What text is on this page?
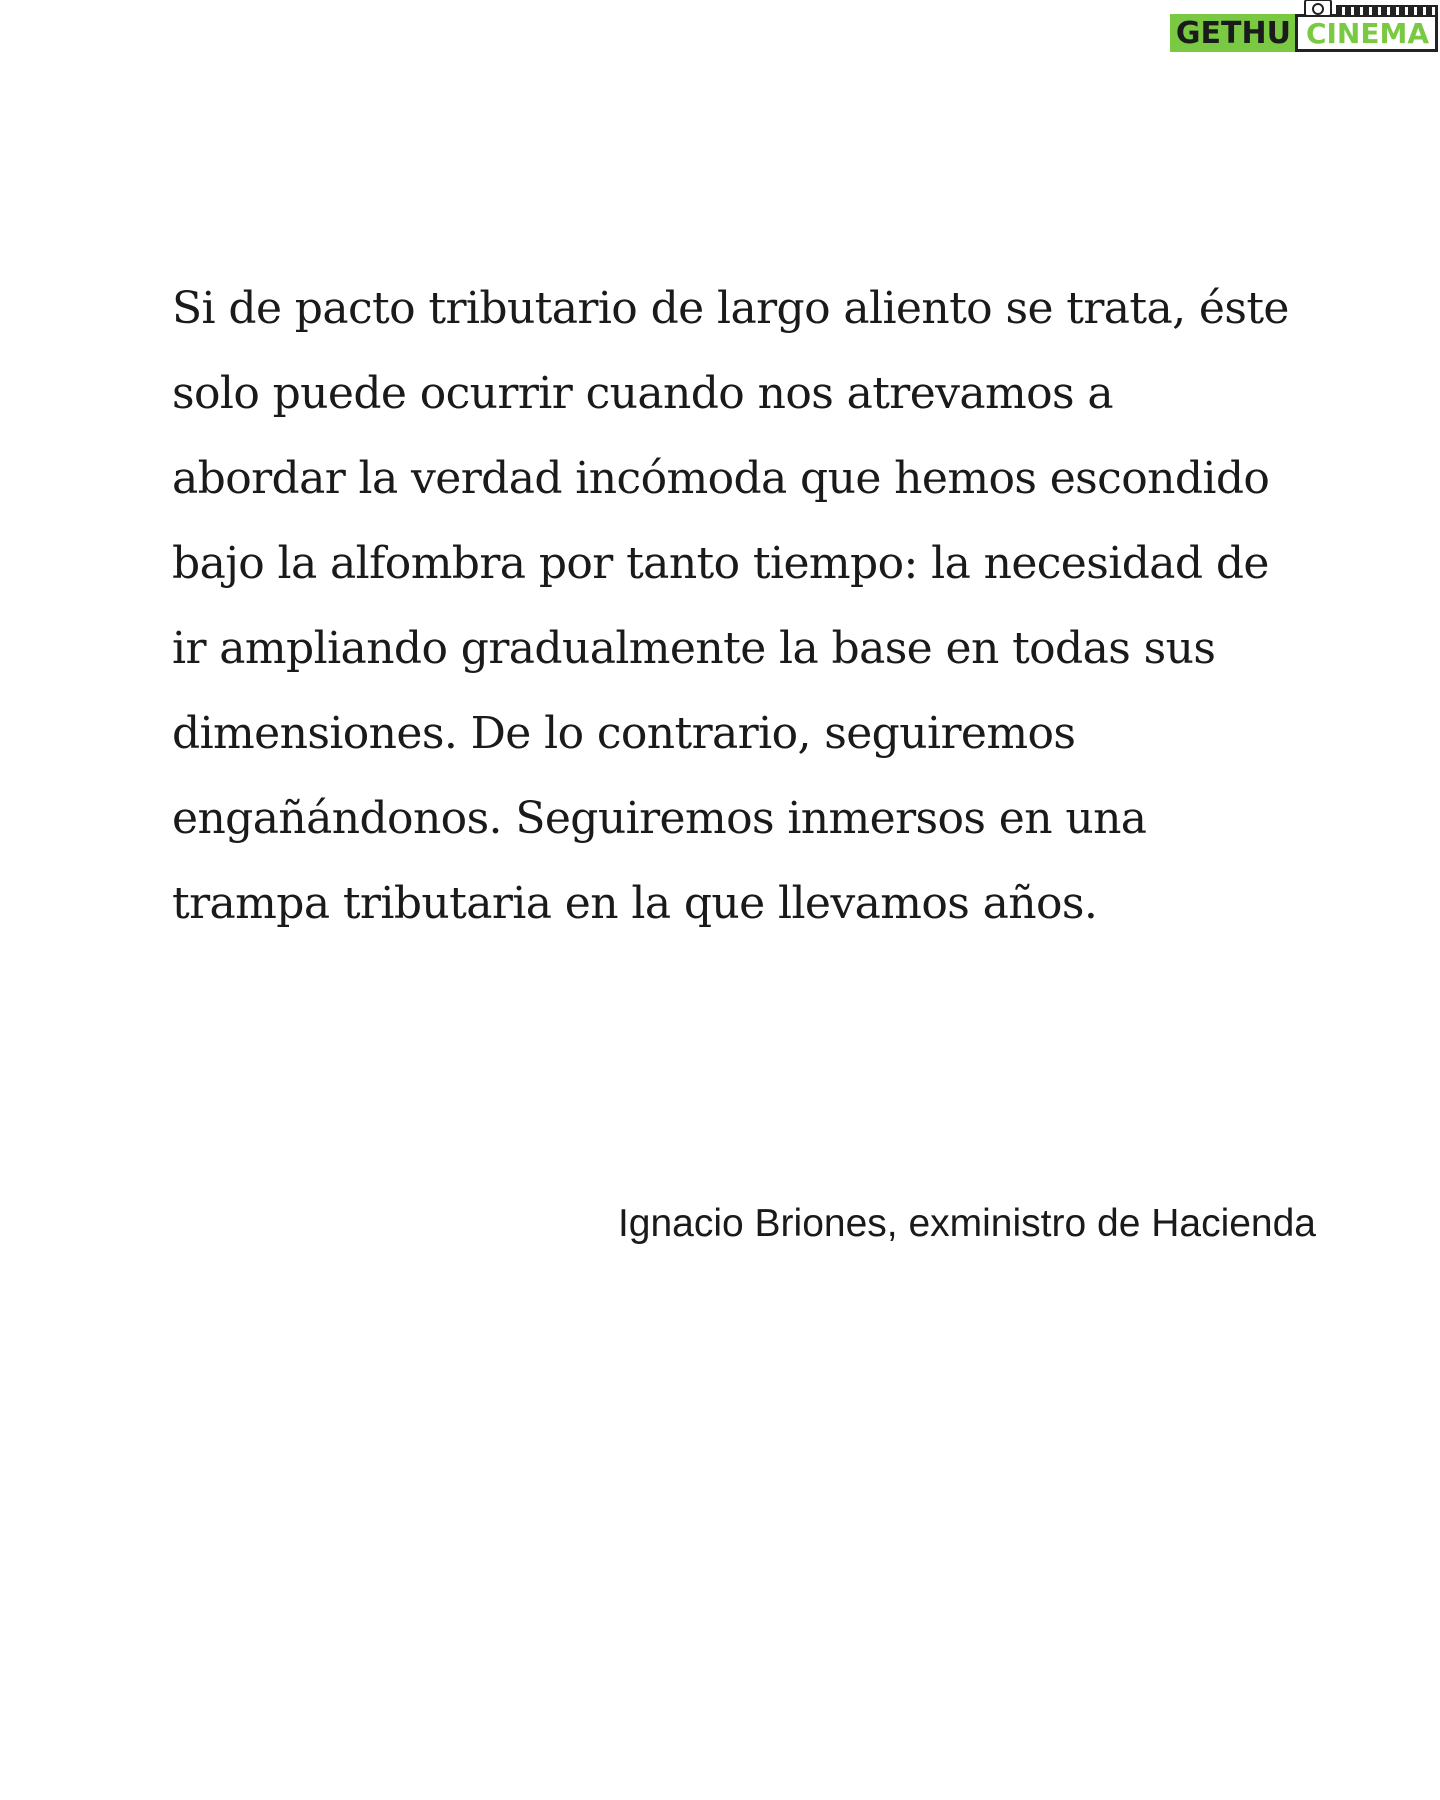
GETHU CINEMA

Si de pacto tributario de largo aliento se trata, éste
solo puede ocurrir cuando nos atrevamos a
abordar la verdad incómoda que hemos escondido
bajo la alfombra por tanto tiempo: la necesidad de
ir ampliando gradualmente la base en todas sus
dimensiones. De lo contrario, seguiremos
engañándonos. Seguiremos inmersos en una
trampa tributaria en la que llevamos años.

Ignacio Briones, exministro de Hacienda
